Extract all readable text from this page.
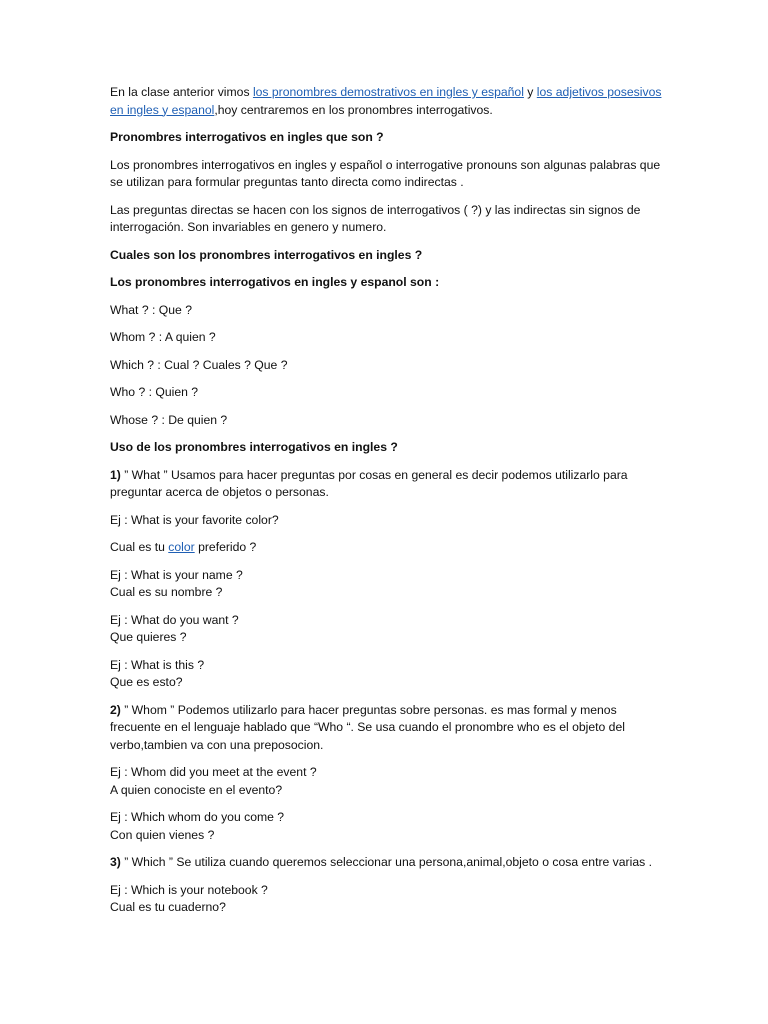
En la clase anterior vimos los pronombres demostrativos en ingles y español y los adjetivos posesivos en ingles y espanol,hoy centraremos en los pronombres interrogativos.

Pronombres interrogativos en ingles que son ?

Los pronombres interrogativos en ingles y español o interrogative pronouns son algunas palabras que se utilizan para formular preguntas tanto directa como indirectas .

Las preguntas directas se hacen con los signos de interrogativos ( ?) y las indirectas sin signos de interrogación. Son invariables en genero y numero.

Cuales son los pronombres interrogativos en ingles ?

Los pronombres interrogativos en ingles y espanol son :

What ? : Que ?

Whom ? : A quien ?

Which ? : Cual ? Cuales ? Que ?

Who ? : Quien ?

Whose ? : De quien ?

Uso de los pronombres interrogativos en ingles ?

1) ” What ” Usamos para hacer preguntas por cosas en general es decir podemos utilizarlo para preguntar acerca de objetos o personas.

Ej : What is your favorite color?

Cual es tu color preferido ?

Ej : What is your name ?
Cual es su nombre ?

Ej : What do you want ?
Que quieres ?

Ej : What is this ?
Que es esto?

2) ” Whom ” Podemos utilizarlo para hacer preguntas sobre personas. es mas formal y menos frecuente en el lenguaje hablado que “Who “. Se usa cuando el pronombre who es el objeto del verbo,tambien va con una preposocion.

Ej : Whom did you meet at the event ?
A quien conociste en el evento?

Ej : Which whom do you come ?
Con quien vienes ?

3) ” Which ” Se utiliza cuando queremos seleccionar una persona,animal,objeto o cosa entre varias .

Ej : Which is your notebook ?
Cual es tu cuaderno?
